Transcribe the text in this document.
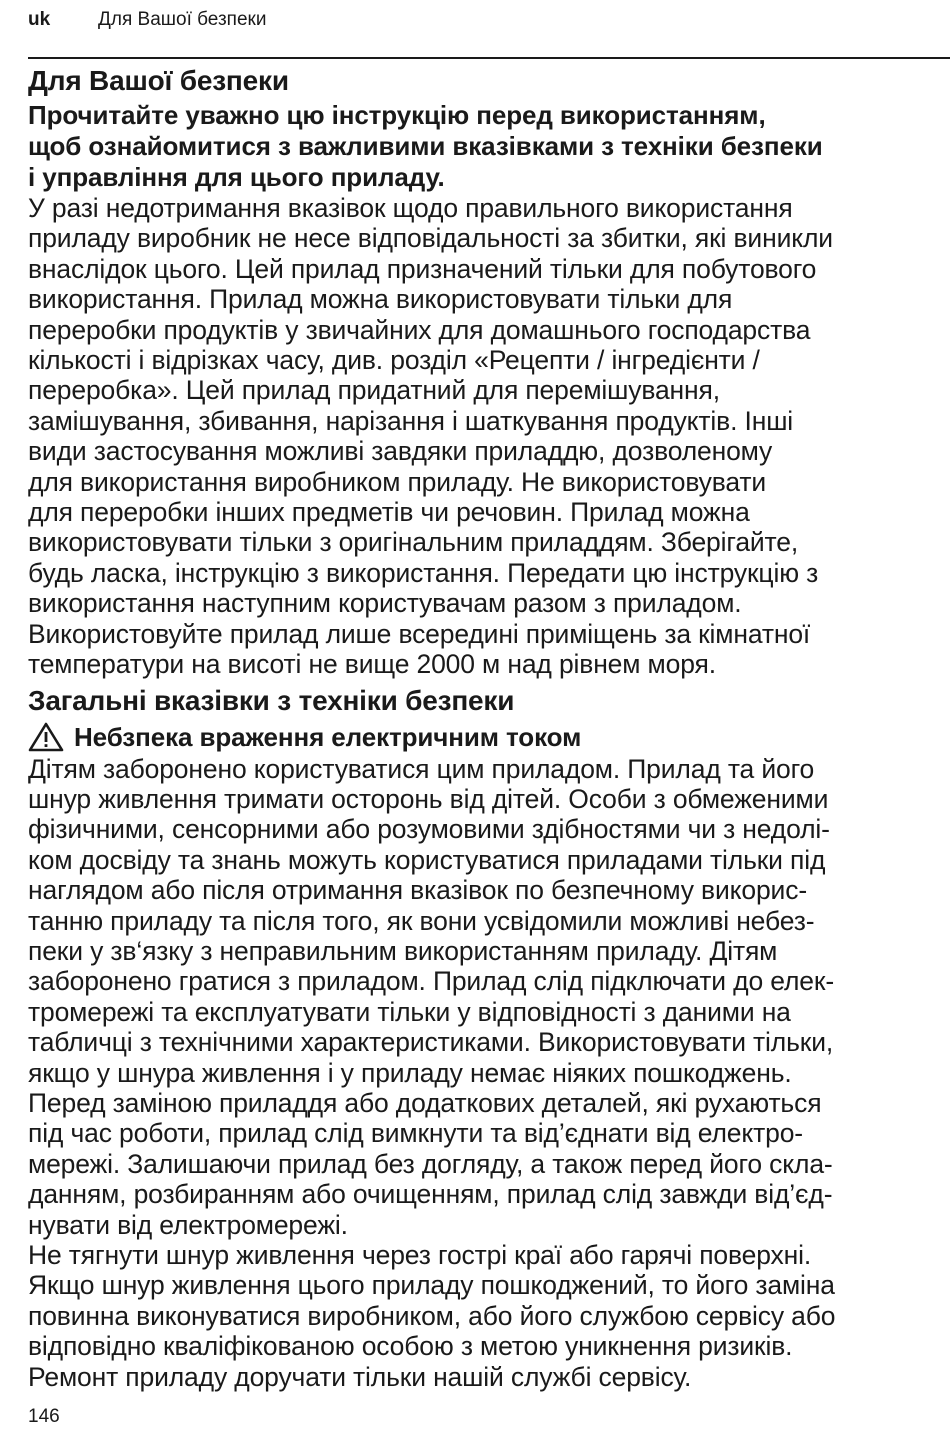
uk	Для Вашої безпеки
Для Вашої безпеки

Прочитайте уважно цю інструкцію перед використанням,
щоб ознайомитися з важливими вказівками з техніки безпеки
і управління для цього приладу.

У разі недотримання вказівок щодо правильного використання
приладу виробник не несе відповідальності за збитки, які виникли
внаслідок цього. Цей прилад призначений тільки для побутового
використання. Прилад можна використовувати тільки для
переробки продуктів у звичайних для домашнього господарства
кількості і відрізках часу, див. розділ «Рецепти / інгредієнти /
переробка». Цей прилад придатний для перемішування,
замішування, збивання, нарізання і шаткування продуктів. Інші
види застосування можливі завдяки приладдю, дозволеному
для використання виробником приладу. Не використовувати
для переробки інших предметів чи речовин. Прилад можна
використовувати тільки з оригінальним приладдям. Зберігайте,
будь ласка, інструкцію з використання. Передати цю інструкцію з
використання наступним користувачам разом з приладом.
Використовуйте прилад лише всередині приміщень за кімнатної
температури на висоті не вище 2000 м над рівнем моря.

Загальні вказівки з техніки безпеки
Небзпека враження електричним током

Дітям заборонено користуватися цим приладом. Прилад та його
шнур живлення тримати осторонь від дітей. Особи з обмеженими
фізичними, сенсорними або розумовими здібностями чи з недолі-
ком досвіду та знань можуть користуватися приладами тільки під
наглядом або після отримання вказівок по безпечному викорис-
танню приладу та після того, як вони усвідомили можливі небез-
пеки у зв‘язку з неправильним використанням приладу. Дітям
заборонено гратися з приладом. Прилад слід підключати до елек-
тромережі та експлуатувати тільки у відповідності з даними на
табличці з технічними характеристиками. Використовувати тільки,
якщо у шнура живлення і у приладу немає ніяких пошкоджень.
Перед заміною приладдя або додаткових деталей, які рухаються
під час роботи, прилад слід вимкнути та від’єднати від електро-
мережі. Залишаючи прилад без догляду, а також перед його скла-
данням, розбиранням або очищенням, прилад слід завжди від’єд-
нувати від електромережі.
Не тягнути шнур живлення через гострі краї або гарячі поверхні.
Якщо шнур живлення цього приладу пошкоджений, то його заміна
повинна виконуватися виробником, або його службою сервісу або
відповідно кваліфікованою особою з метою уникнення ризиків.
Ремонт приладу доручати тільки нашій службі сервісу.

146
